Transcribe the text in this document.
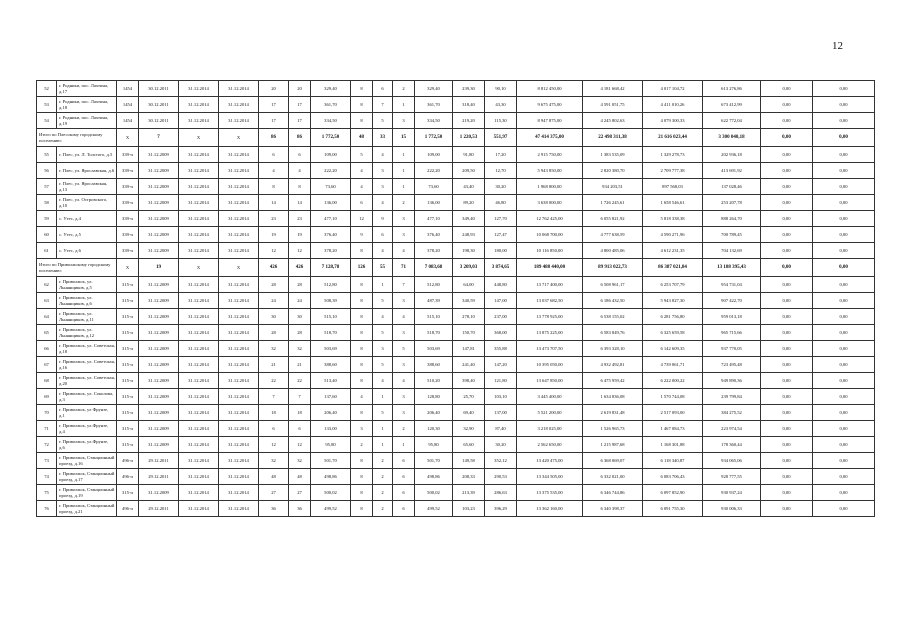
12
52	г. Родники, пос. Лахтина, д.17	1454	30.12.2011	31.12.2014	31.12.2014	20	20	329,40	8	6	2	329,40	239,30	90,10	8 812 450,00	4 181 668,42	4 017 104,72	613 276,86	0,00	0,00
53	г. Родники, пос. Лахтина, д.18	1454	30.12.2011	31.12.2014	31.12.2014	17	17	361,70	8	7	1	361,70	318,40	43,30	9 675 475,00	4 591 051,75	4 411 010,26	673 412,99	0,00	0,00
54	г. Родники, пос. Лахтина, д.19	1454	30.12.2011	31.12.2014	31.12.2014	17	17	334,50	8	5	3	334,50	219,20	115,30	8 947 875,00	4 245 802,63	4 079 300,33	622 772,04	0,00	0,00
Итого по Плесскому городскому поселению:		Х	7	Х	Х	86	86	1 772,50	48	33	15	1 772,50	1 220,53	551,97	47 414 375,00	22 498 311,38	21 616 023,44	3 300 040,18	0,00	0,00
55	г. Плес, ул. Л. Толстого, д.5	339-п	31.12.2009	31.12.2014	31.12.2014	6	6	109,00	5	4	1	109,00	91,80	17,20	2 915 750,00	1 383 535,09	1 329 278,73	202 936,18	0,00	0,00
56	г. Плес, ул. Ярославская, д.6	339-п	31.12.2009	31.12.2014	31.12.2014	4	4	222,20	4	3	1	222,20	209,50	12,70	5 943 850,00	2 820 380,70	2 709 777,38	413 691,92	0,00	0,00
57	г. Плес, ул. Ярославская, д.13	339-п	31.12.2009	31.12.2014	31.12.2014	8	8	73,60	4	3	1	73,60	43,40	30,20	1 968 800,00	934 203,51	897 568,03	137 028,46	0,00	0,00
58	г. Плес, ул. Островского, д.10	339-п	31.12.2009	31.12.2014	31.12.2014	14	14	136,00	6	4	2	136,00	89,20	46,80	3 638 000,00	1 726 245,61	1 658 546,61	253 207,78	0,00	0,00
59	с. Утес, д.4	339-п	31.12.2009	31.12.2014	31.12.2014	23	23	477,10	12	9	3	477,10	349,40	127,70	12 762 425,00	6 055 821,92	5 818 338,38	888 264,70	0,00	0,00
60	с. Утес, д.5	339-п	31.12.2009	31.12.2014	31.12.2014	19	19	376,40	9	6	3	376,40	248,93	127,47	10 068 700,00	4 777 638,59	4 590 271,96	700 789,45	0,00	0,00
61	с. Утес, д.6	339-п	31.12.2009	31.12.2014	31.12.2014	12	12	378,20	8	4	4	378,20	198,30	180,00	10 116 850,00	4 800 485,06	4 612 231,35	704 132,69	0,00	0,00
Итого по Приволжскому городскому поселению:		Х	19	Х	Х	426	426	7 128,78	126	55	71	7 083,68	3 209,03	3 874,65	189 488 440,00	89 913 022,73	86 387 021,84	13 188 395,43	0,00	0,00
62	г. Приволжск, ул. Льнянщиков, д.5	315-п	31.12.2009	31.12.2014	31.12.2014	28	28	512,80	8	1	7	512,80	64,00	448,80	13 717 400,00	6 508 961,17	6 253 707,79	954 731,04	0,00	0,00
63	г. Приволжск, ул. Льнянщиков, д.6	315-п	31.12.2009	31.12.2014	31.12.2014	24	24	508,39	8	5	3	487,39	340,59	147,00	13 037 682,50	6 186 432,50	5 943 827,30	907 422,70	0,00	0,00
64	г. Приволжск, ул. Льнянщиков, д.11	315-п	31.12.2009	31.12.2014	31.12.2014	30	30	515,10	8	4	4	515,10	278,10	237,00	13 778 925,00	6 538 155,02	6 281 756,80	959 013,18	0,00	0,00
65	г. Приволжск, ул. Льнянщиков, д.12	315-п	31.12.2009	31.12.2014	31.12.2014	28	28	518,70	8	5	3	518,70	150,70	368,00	13 875 225,00	6 583 849,76	6 325 659,58	965 715,66	0,00	0,00
66	г. Приволжск, ул. Советская, д.18	315-п	31.12.2009	31.12.2014	31.12.2014	32	32	503,69	8	3	5	503,69	147,81	355,88	13 473 707,50	6 393 328,10	6 142 609,35	937 770,05	0,00	0,00
67	г. Приволжск, ул. Советская, д.16	315-п	31.12.2009	31.12.2014	31.12.2014	21	21	388,60	8	5	3	388,60	241,40	147,20	10 395 050,00	4 932 492,81	4 739 061,71	723 495,48	0,00	0,00
68	г. Приволжск, ул. Советская, д.20	315-п	31.12.2009	31.12.2014	31.12.2014	22	22	513,40	8	4	4	510,20	398,40	121,80	13 647 850,00	6 475 959,42	6 222 000,22	949 890,36	0,00	0,00
69	г. Приволжск, ул. Соколова, д.3	315-п	31.12.2009	31.12.2014	31.12.2014	7	7	137,60	4	1	3	128,80	25,70	103,10	3 445 400,00	1 634 836,08	1 570 744,08	239 799,84	0,00	0,00
70	г. Приволжск, ул Фрунзе, д.1	315-п	31.12.2009	31.12.2014	31.12.2014	18	18	206,40	8	5	3	206,40	69,40	137,00	5 521 200,00	2 619 831,48	2 517 093,00	384 275,52	0,00	0,00
71	г. Приволжск, ул.Фрунзе, д.4	315-п	31.12.2009	31.12.2014	31.12.2014	6	6	133,00	3	1	2	120,30	32,90	87,40	3 218 025,00	1 526 965,73	1 467 084,73	223 974,54	0,00	0,00
72	г. Приволжск, ул.Фрунзе, д.6	315-п	31.12.2009	31.12.2014	31.12.2014	12	12	95,80	2	1	1	95,80	65,60	30,20	2 562 650,00	1 215 987,68	1 168 301,88	178 360,44	0,00	0,00
73	г. Приволжск, Станционный проезд, д.16	496-п	29.12.2011	31.12.2014	31.12.2014	32	32	501,70	8	2	6	501,70	149,58	352,12	13 420 475,00	6 368 069,07	6 118 340,87	934 065,06	0,00	0,00
74	г. Приволжск, Станционный проезд, д.17	496-п	29.12.2011	31.12.2014	31.12.2014	48	48	498,86	8	2	6	498,86	208,33	290,53	13 344 505,00	6 332 021,00	6 083 706,43	928 777,55	0,00	0,00
75	г. Приволжск, Станционный проезд, д.19	315-п	31.12.2009	31.12.2014	31.12.2014	27	27	500,02	8	2	6	500,02	213,39	286,63	13 375 535,00	6 346 744,86	6 097 852,90	930 937,24	0,00	0,00
76	г. Приволжск, Станционный проезд, д.21	496-п	29.12.2011	31.12.2014	31.12.2014	36	36	499,52	8	2	6	499,52	103,23	396,29	13 362 160,00	6 340 398,37	6 091 755,30	930 006,33	0,00	0,00
